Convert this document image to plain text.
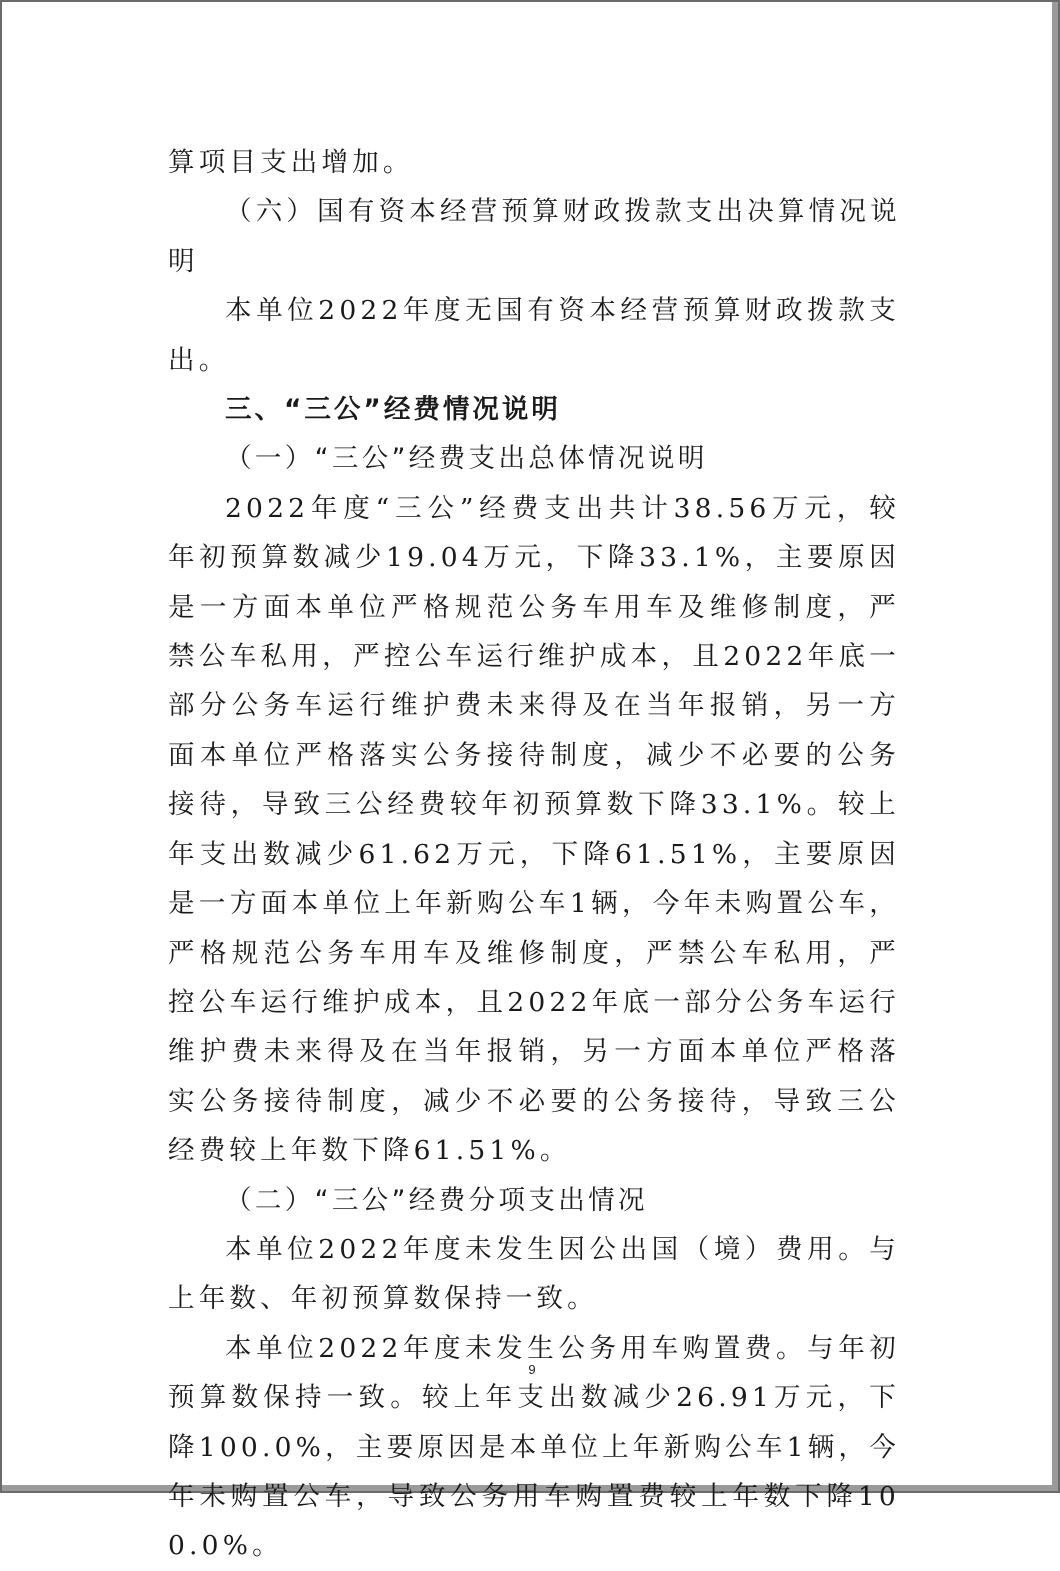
算项目支出增加。

（六）国有资本经营预算财政拨款支出决算情况说明

本单位2022年度无国有资本经营预算财政拨款支出。

三、“三公”经费情况说明

（一）“三公”经费支出总体情况说明

2022年度“三公”经费支出共计38.56万元，较年初预算数减少19.04万元，下降33.1%，主要原因是一方面本单位严格规范公务车用车及维修制度，严禁公车私用，严控公车运行维护成本，且2022年底一部分公务车运行维护费未来得及在当年报销，另一方面本单位严格落实公务接待制度，减少不必要的公务接待，导致三公经费较年初预算数下降33.1%。较上年支出数减少61.62万元，下降61.51%，主要原因是一方面本单位上年新购公车1辆，今年未购置公车，严格规范公务车用车及维修制度，严禁公车私用，严控公车运行维护成本，且2022年底一部分公务车运行维护费未来得及在当年报销，另一方面本单位严格落实公务接待制度，减少不必要的公务接待，导致三公经费较上年数下降61.51%。

（二）“三公”经费分项支出情况

本单位2022年度未发生因公出国（境）费用。与上年数、年初预算数保持一致。

本单位2022年度未发生公务用车购置费。与年初预算数保持一致。较上年支出数减少26.91万元，下降100.0%，主要原因是本单位上年新购公车1辆，今年未购置公车，导致公务用车购置费较上年数下降100.0%。

9
